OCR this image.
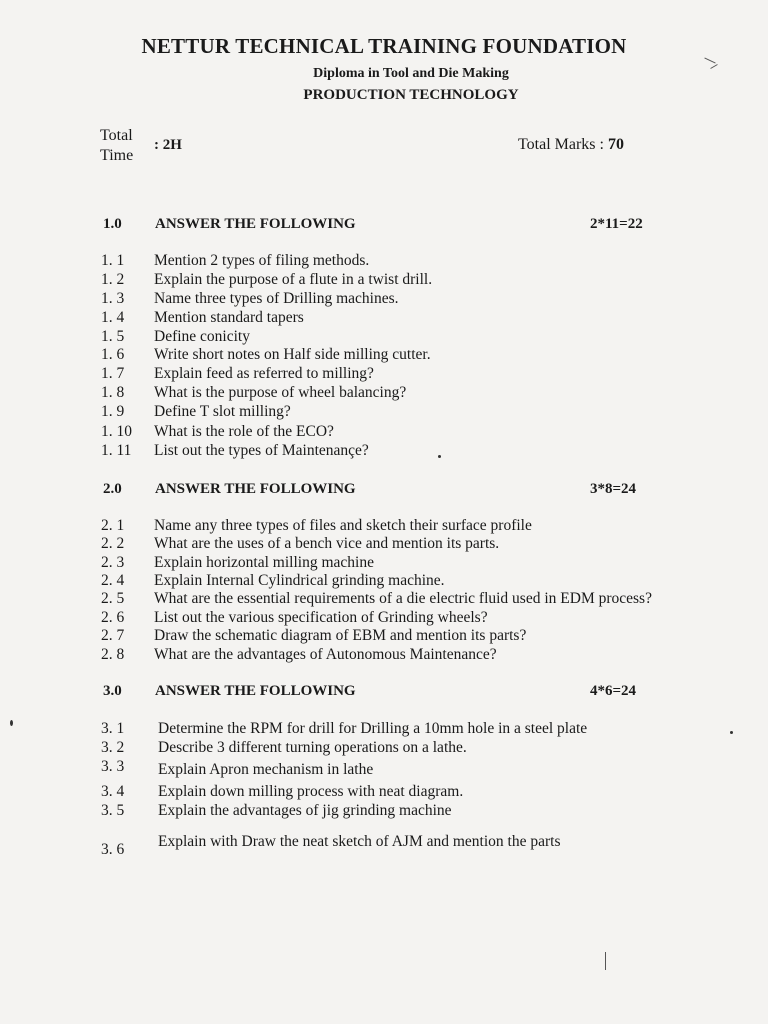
NETTUR TECHNICAL TRAINING FOUNDATION
Diploma in Tool and Die Making
PRODUCTION TECHNOLOGY
Total Time
: 2H	Total Marks : 70
1.0 ANSWER THE FOLLOWING	2*11=22
1. 1 Mention 2 types of filing methods.
1. 2 Explain the purpose of a flute in a twist drill.
1. 3 Name three types of Drilling machines.
1. 4 Mention standard tapers
1. 5 Define conicity
1. 6 Write short notes on Half side milling cutter.
1. 7 Explain feed as referred to milling?
1. 8 What is the purpose of wheel balancing?
1. 9 Define T slot milling?
1. 10 What is the role of the ECO?
1. 11 List out the types of Maintenançe?
2.0 ANSWER THE FOLLOWING	3*8=24
2. 1 Name any three types of files and sketch their surface profile
2. 2 What are the uses of a bench vice and mention its parts.
2. 3 Explain horizontal milling machine
2. 4 Explain Internal Cylindrical grinding machine.
2. 5 What are the essential requirements of a die electric fluid used in EDM process?
2. 6 List out the various specification of Grinding wheels?
2. 7 Draw the schematic diagram of EBM and mention its parts?
2. 8 What are the advantages of Autonomous Maintenance?
3.0 ANSWER THE FOLLOWING	4*6=24
3. 1 Determine the RPM for drill for Drilling a 10mm hole in a steel plate
3. 2 Describe 3 different turning operations on a lathe.
3. 3 Explain Apron mechanism in lathe
3. 4 Explain down milling process with neat diagram.
3. 5 Explain the advantages of jig grinding machine
3. 6 Explain with Draw the neat sketch of AJM and mention the parts
